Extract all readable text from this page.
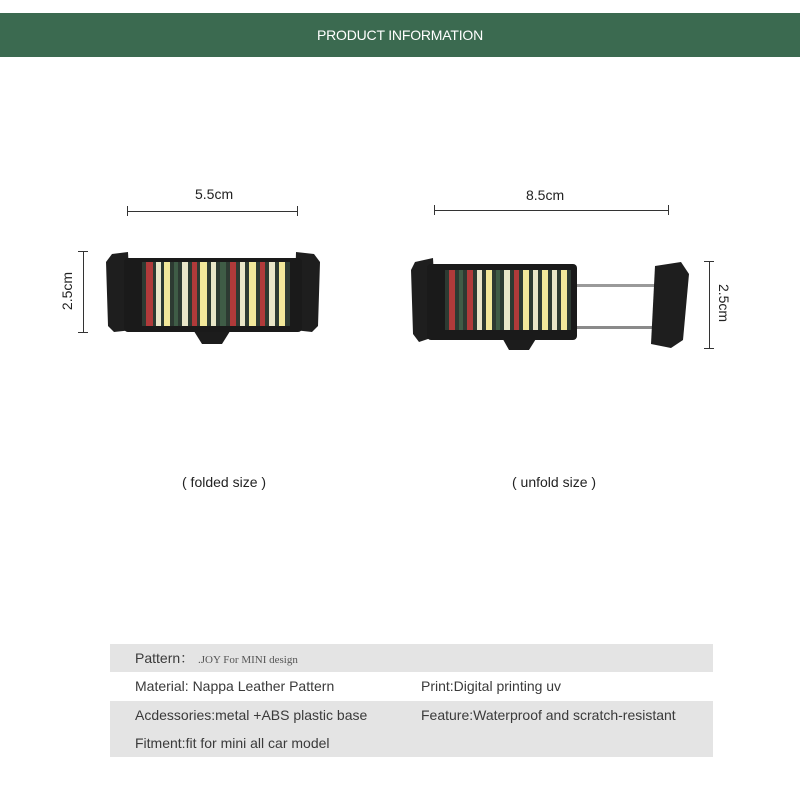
PRODUCT INFORMATION
5.5cm
2.5cm
8.5cm
2.5cm
( folded size )	( unfold size )
Pattern： .JOY For MINI design
Material: Nappa Leather Pattern	Print:Digital printing uv
Acdessories:metal +ABS plastic base	Feature:Waterproof and scratch-resistant
Fitment:fit for mini all car model
